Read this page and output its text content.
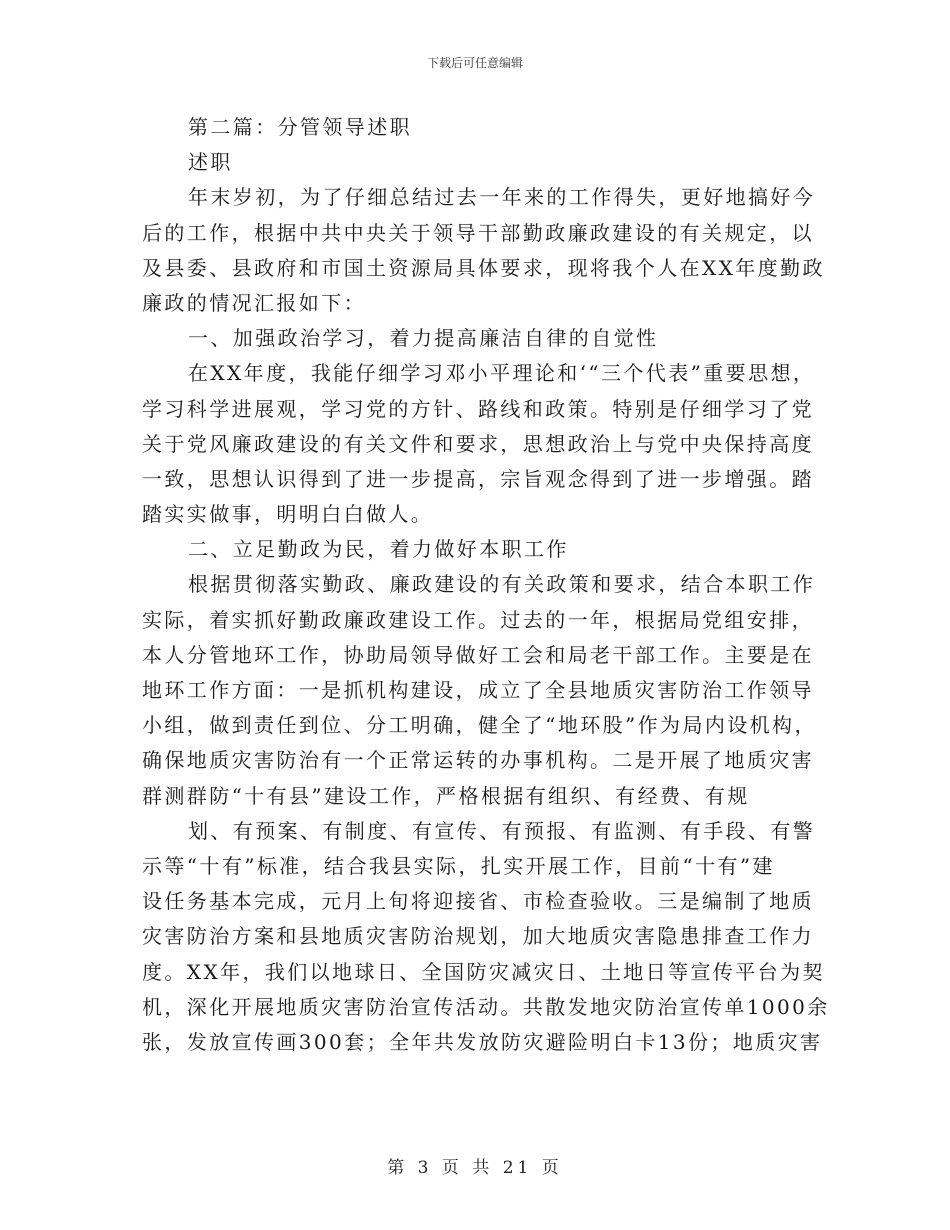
下载后可任意编辑
第二篇：分管领导述职
述职
年末岁初，为了仔细总结过去一年来的工作得失，更好地搞好今
后的工作，根据中共中央关于领导干部勤政廉政建设的有关规定，以
及县委、县政府和市国土资源局具体要求，现将我个人在XX年度勤政
廉政的情况汇报如下：
一、加强政治学习，着力提高廉洁自律的自觉性
在XX年度，我能仔细学习邓小平理论和‘“三个代表”重要思想，
学习科学进展观，学习党的方针、路线和政策。特别是仔细学习了党
关于党风廉政建设的有关文件和要求，思想政治上与党中央保持高度
一致，思想认识得到了进一步提高，宗旨观念得到了进一步增强。踏
踏实实做事，明明白白做人。
二、立足勤政为民，着力做好本职工作
根据贯彻落实勤政、廉政建设的有关政策和要求，结合本职工作
实际，着实抓好勤政廉政建设工作。过去的一年，根据局党组安排，
本人分管地环工作，协助局领导做好工会和局老干部工作。主要是在
地环工作方面：一是抓机构建设，成立了全县地质灾害防治工作领导
小组，做到责任到位、分工明确，健全了“地环股”作为局内设机构，
确保地质灾害防治有一个正常运转的办事机构。二是开展了地质灾害
群测群防“十有县”建设工作，严格根据有组织、有经费、有规
划、有预案、有制度、有宣传、有预报、有监测、有手段、有警
示等“十有”标准，结合我县实际，扎实开展工作，目前“十有”建
设任务基本完成，元月上旬将迎接省、市检查验收。三是编制了地质
灾害防治方案和县地质灾害防治规划，加大地质灾害隐患排查工作力
度。XX年，我们以地球日、全国防灾减灾日、土地日等宣传平台为契
机，深化开展地质灾害防治宣传活动。共散发地灾防治宣传单1000余
张，发放宣传画300套；全年共发放防灾避险明白卡13份；地质灾害
第 3 页 共 21 页
